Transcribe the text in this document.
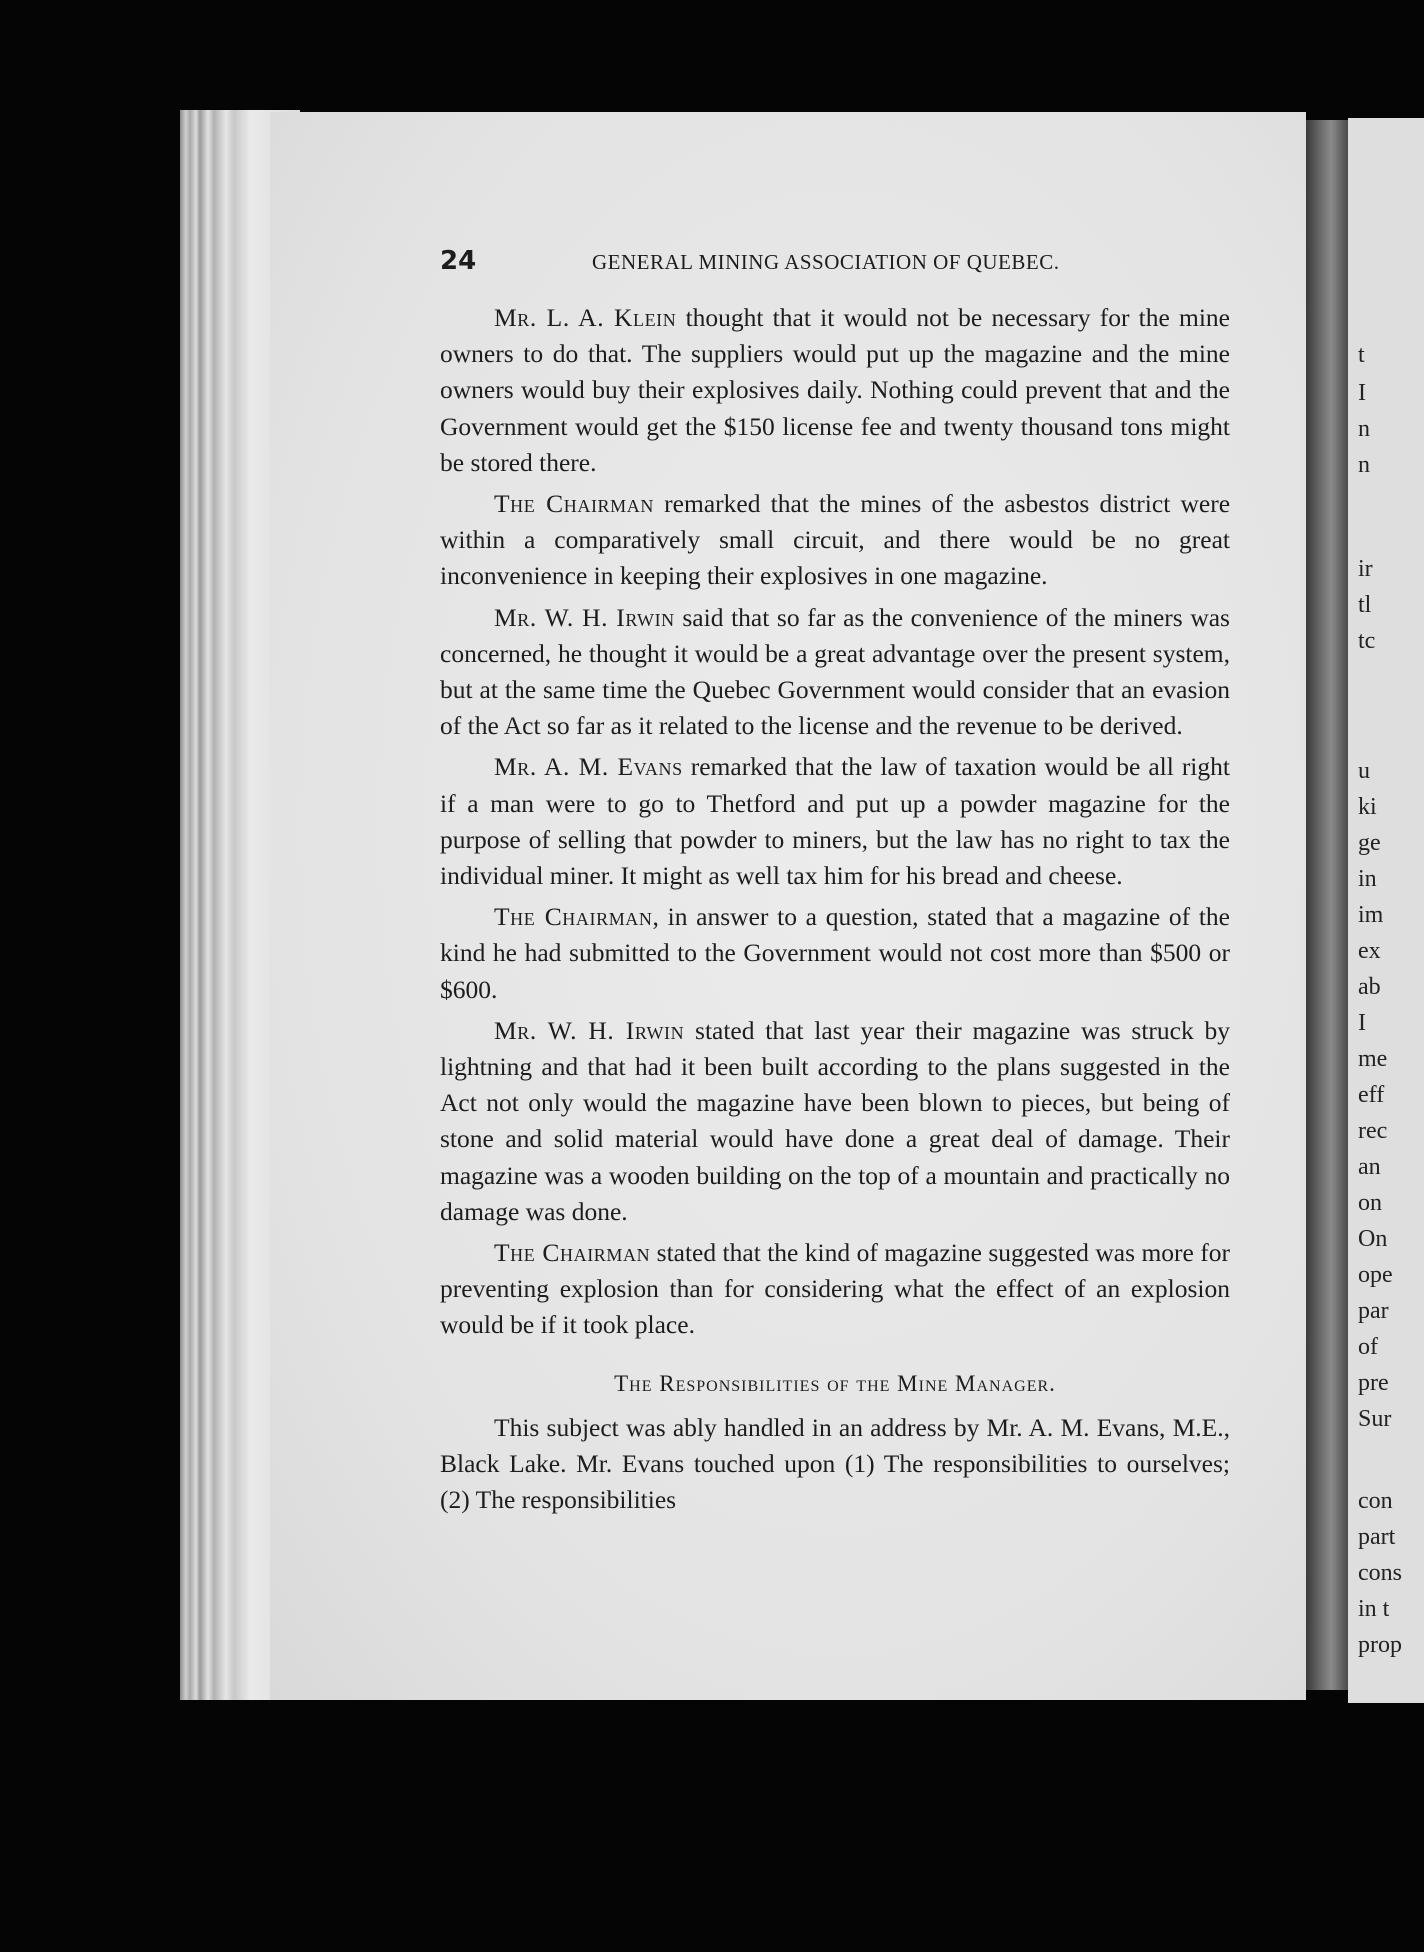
t
I
n
n
ir
tl
tc
u
ki
ge
in
im
ex
ab
I
me
eff
rec
an
on
On
ope
par
of
pre
Sur
con
part
cons
in t
prop
24	GENERAL MINING ASSOCIATION OF QUEBEC.

Mr. L. A. Klein thought that it would not be necessary for the mine owners to do that. The suppliers would put up the magazine and the mine owners would buy their explosives daily. Nothing could prevent that and the Government would get the $150 license fee and twenty thousand tons might be stored there.

The Chairman remarked that the mines of the asbestos district were within a comparatively small circuit, and there would be no great inconvenience in keeping their explosives in one magazine.

Mr. W. H. Irwin said that so far as the convenience of the miners was concerned, he thought it would be a great advantage over the present system, but at the same time the Quebec Government would consider that an evasion of the Act so far as it related to the license and the revenue to be derived.

Mr. A. M. Evans remarked that the law of taxation would be all right if a man were to go to Thetford and put up a powder magazine for the purpose of selling that powder to miners, but the law has no right to tax the individual miner. It might as well tax him for his bread and cheese.

The Chairman, in answer to a question, stated that a magazine of the kind he had submitted to the Government would not cost more than $500 or $600.

Mr. W. H. Irwin stated that last year their magazine was struck by lightning and that had it been built according to the plans suggested in the Act not only would the magazine have been blown to pieces, but being of stone and solid material would have done a great deal of damage. Their magazine was a wooden building on the top of a mountain and practically no damage was done.

The Chairman stated that the kind of magazine suggested was more for preventing explosion than for considering what the effect of an explosion would be if it took place.

The Responsibilities of the Mine Manager.

This subject was ably handled in an address by Mr. A. M. Evans, M.E., Black Lake. Mr. Evans touched upon (1) The responsibilities to ourselves; (2) The responsibilities
